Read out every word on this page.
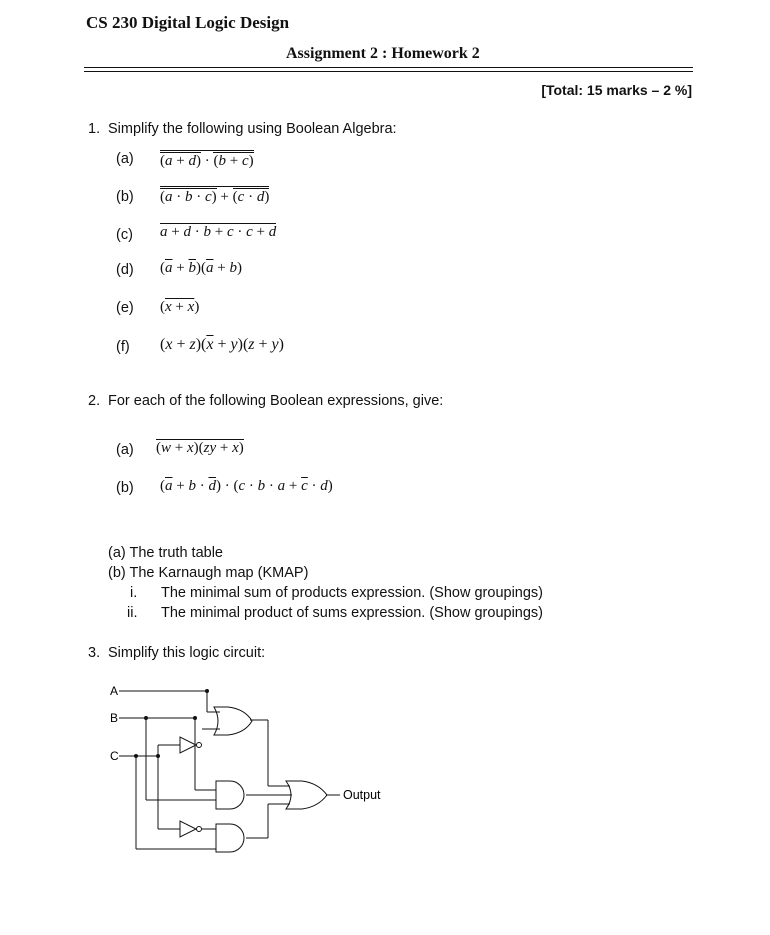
CS 230 Digital Logic Design
Assignment 2 : Homework 2
[Total: 15 marks – 2 %]
1. Simplify the following using Boolean Algebra:
(a) $(a + d) \cdot (\overline{b} + c)$
(b) $(a \cdot b \cdot \overline{c}) + (\overline{c} \cdot d)$
(c) $a + d \cdot b + c \cdot \overline{c} + d$
(d) $(\overline{a} + \overline{b})(\overline{a} + b)$
(e) $(x + \overline{x})$
(f) $(x + z)(\overline{x} + y)(z + y)$
2. For each of the following Boolean expressions, give:
(a) $(w + \overline{x})(\overline{zy} + x)$
(b) $(\overline{a} + b \cdot \overline{d}) \cdot (c \cdot b \cdot a + \overline{c} \cdot d)$
(a) The truth table
(b) The Karnaugh map (KMAP)
i. The minimal sum of products expression. (Show groupings)
ii. The minimal product of sums expression. (Show groupings)
3. Simplify this logic circuit:
A
B
C
Output
